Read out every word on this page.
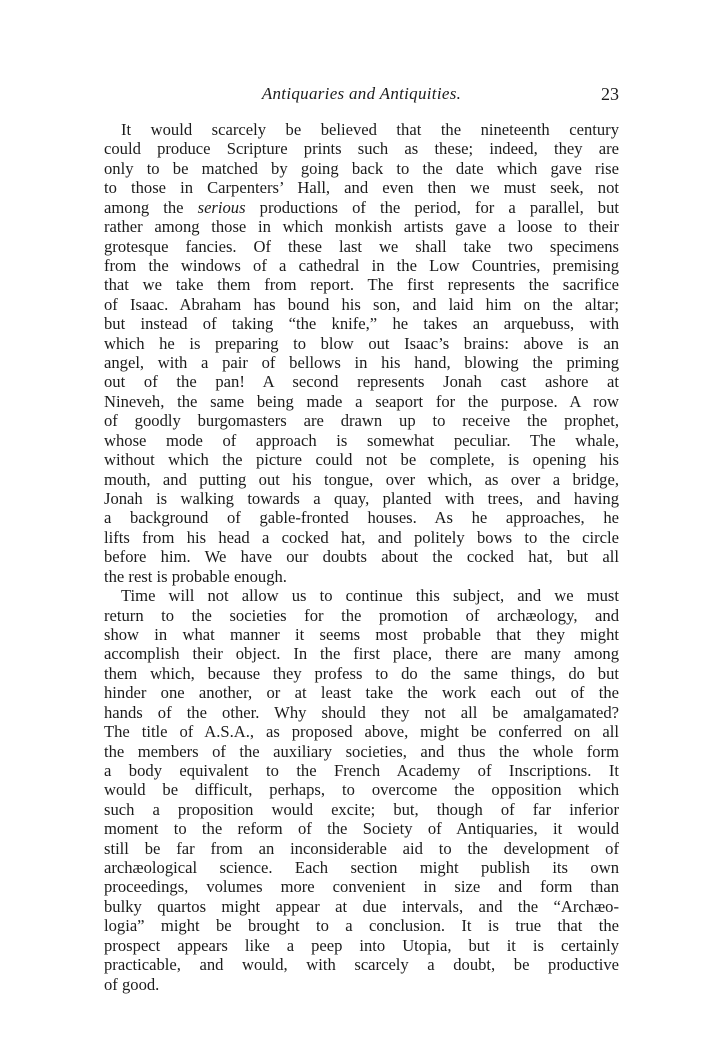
Antiquaries and Antiquities.	23
It would scarcely be believed that the nineteenth century
could produce Scripture prints such as these; indeed, they are
only to be matched by going back to the date which gave rise
to those in Carpenters’ Hall, and even then we must seek, not
among the serious productions of the period, for a parallel, but
rather among those in which monkish artists gave a loose to their
grotesque fancies. Of these last we shall take two specimens
from the windows of a cathedral in the Low Countries, premising
that we take them from report. The first represents the sacrifice
of Isaac. Abraham has bound his son, and laid him on the altar;
but instead of taking “the knife,” he takes an arquebuss, with
which he is preparing to blow out Isaac’s brains: above is an
angel, with a pair of bellows in his hand, blowing the priming
out of the pan! A second represents Jonah cast ashore at
Nineveh, the same being made a seaport for the purpose. A row
of goodly burgomasters are drawn up to receive the prophet,
whose mode of approach is somewhat peculiar. The whale,
without which the picture could not be complete, is opening his
mouth, and putting out his tongue, over which, as over a bridge,
Jonah is walking towards a quay, planted with trees, and having
a background of gable-fronted houses. As he approaches, he
lifts from his head a cocked hat, and politely bows to the circle
before him. We have our doubts about the cocked hat, but all
the rest is probable enough.
Time will not allow us to continue this subject, and we must
return to the societies for the promotion of archæology, and
show in what manner it seems most probable that they might
accomplish their object. In the first place, there are many among
them which, because they profess to do the same things, do but
hinder one another, or at least take the work each out of the
hands of the other. Why should they not all be amalgamated?
The title of A.S.A., as proposed above, might be conferred on all
the members of the auxiliary societies, and thus the whole form
a body equivalent to the French Academy of Inscriptions. It
would be difficult, perhaps, to overcome the opposition which
such a proposition would excite; but, though of far inferior
moment to the reform of the Society of Antiquaries, it would
still be far from an inconsiderable aid to the development of
archæological science. Each section might publish its own
proceedings, volumes more convenient in size and form than
bulky quartos might appear at due intervals, and the “Archæo-
logia” might be brought to a conclusion. It is true that the
prospect appears like a peep into Utopia, but it is certainly
practicable, and would, with scarcely a doubt, be productive
of good.
